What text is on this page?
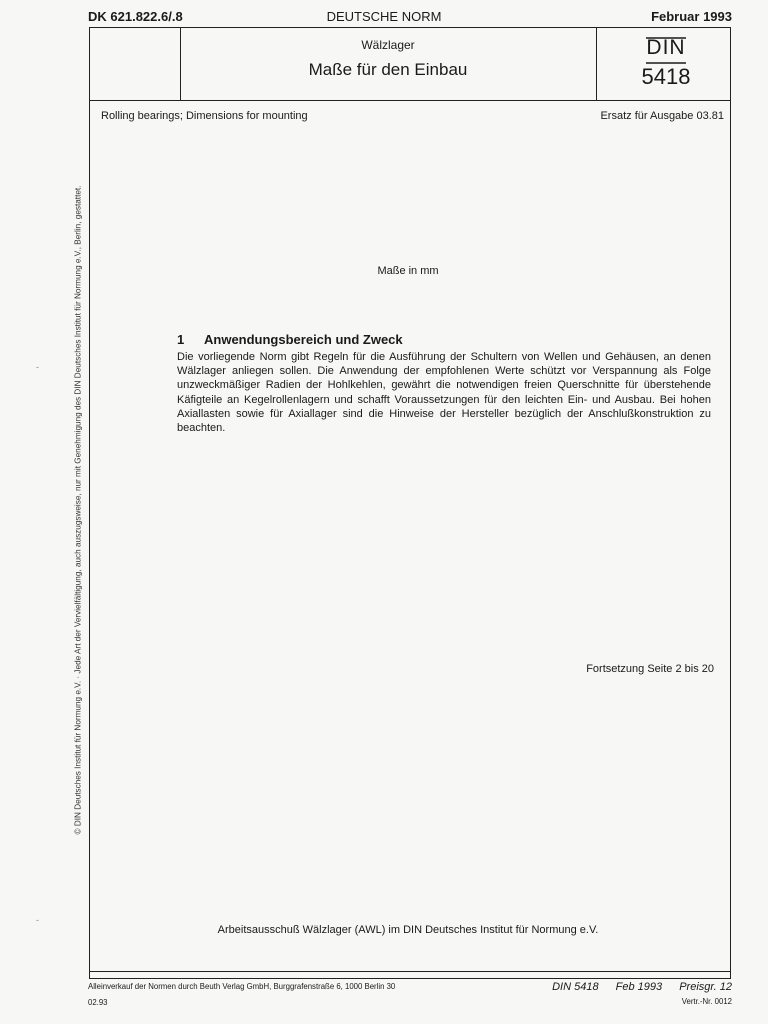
DK 621.822.6/.8	DEUTSCHE NORM	Februar 1993
Wälzlager
Maße für den Einbau
DIN
5418
Rolling bearings; Dimensions for mounting	Ersatz für Ausgabe 03.81
© DIN Deutsches Institut für Normung e.V. · Jede Art der Vervielfältigung, auch auszugsweise, nur mit Genehmigung des DIN Deutsches Institut für Normung e.V., Berlin, gestattet.
-
-
Maße in mm
1 Anwendungsbereich und Zweck
Die vorliegende Norm gibt Regeln für die Ausführung der Schultern von Wellen und Gehäusen, an denen Wälzlager anliegen sollen. Die Anwendung der empfohlenen Werte schützt vor Verspannung als Folge unzweckmäßiger Radien der Hohlkehlen, gewährt die notwendigen freien Querschnitte für überstehende Käfigteile an Kegelrollenlagern und schafft Voraussetzungen für den leichten Ein- und Ausbau. Bei hohen Axiallasten sowie für Axiallager sind die Hinweise der Hersteller bezüglich der Anschlußkonstruktion zu beachten.
Fortsetzung Seite 2 bis 20
Arbeitsausschuß Wälzlager (AWL) im DIN Deutsches Institut für Normung e.V.
Alleinverkauf der Normen durch Beuth Verlag GmbH, Burggrafenstraße 6, 1000 Berlin 30
02.93
DIN 5418 Feb 1993 Preisgr. 12
Vertr.-Nr. 0012
